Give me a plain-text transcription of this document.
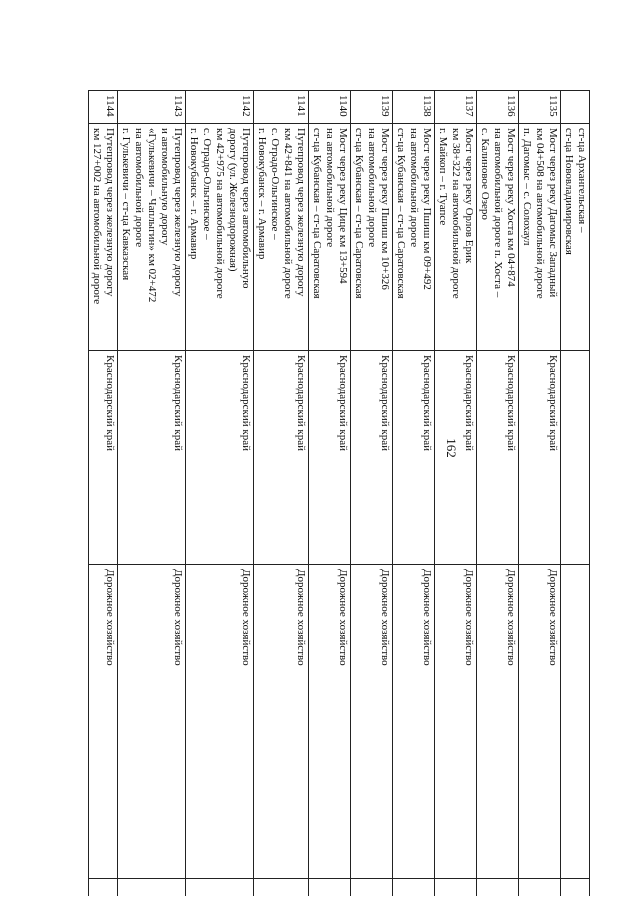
162

	ст-ца Архангельская –
ст-ца Нововладимировская			

1135	Мост через реку Дагомыс Западный
км 04+508 на автомобильной дороге
п. Дагомыс – с. Солохаул	Краснодарский край	Дорожное хозяйство	
1136	Мост через реку Хоста км 04+874
на автомобильной дороге п. Хоста –
с. Калиновое Озеро	Краснодарский край	Дорожное хозяйство	
1137	Мост через реку Орлов Ерик
км 38+322 на автомобильной дороге
г. Майкоп – г. Туапсе	Краснодарский край	Дорожное хозяйство	
1138	Мост через реку Пшиш км 09+492
на автомобильной дороге
ст-ца Кубанская – ст-ца Саратовская	Краснодарский край	Дорожное хозяйство	
1139	Мост через реку Пшиш км 10+326
на автомобильной дороге
ст-ца Кубанская – ст-ца Саратовская	Краснодарский край	Дорожное хозяйство	
1140	Мост через реку Цице км 13+594
на автомобильной дороге
ст-ца Кубанская – ст-ца Саратовская	Краснодарский край	Дорожное хозяйство	
1141	Путепровод через железную дорогу
км 42+841 на автомобильной дороге
с. Отрадо-Ольгинское –
г. Новокубанск – г. Армавир	Краснодарский край	Дорожное хозяйство	
1142	Путепровод через автомобильную
дорогу (ул. Железнодорожная)
км 42+975 на автомобильной дороге
с. Отрадо-Ольгинское –
г. Новокубанск – г. Армавир	Краснодарский край	Дорожное хозяйство	
1143	Путепровод через железную дорогу
и автомобильную дорогу
«Гулькевичи – Чаплыгин» км 02+472
на автомобильной дороге
г. Гулькевичи – ст-ца Кавказская	Краснодарский край	Дорожное хозяйство	
1144	Путепровод через железную дорогу
км 127+002 на автомобильной дороге	Краснодарский край	Дорожное хозяйство	
